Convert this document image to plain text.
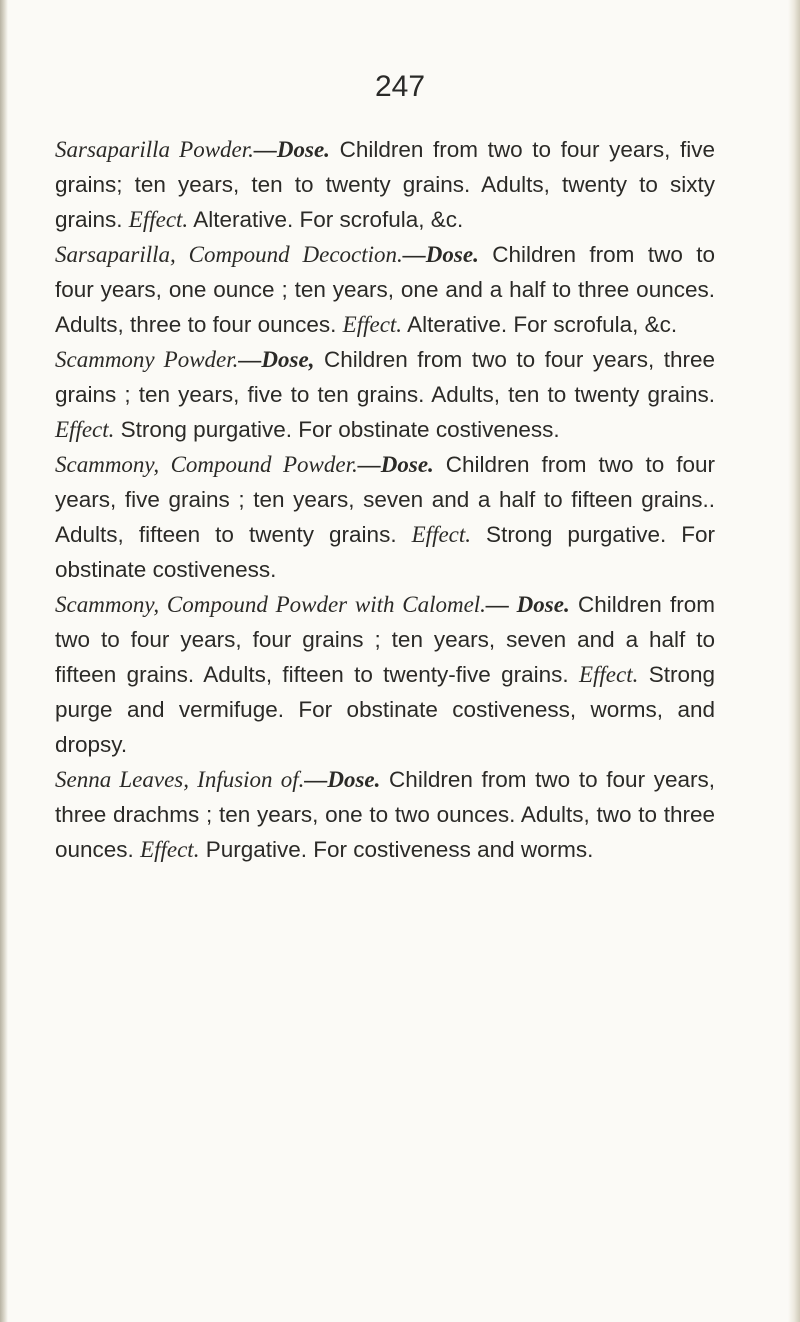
247

Sarsaparilla Powder.—Dose. Children from two to four years, five grains; ten years, ten to twenty grains. Adults, twenty to sixty grains. Effect. Alterative. For scrofula, &c.

Sarsaparilla, Compound Decoction.—Dose. Children from two to four years, one ounce ; ten years, one and a half to three ounces. Adults, three to four ounces. Effect. Alterative. For scrofula, &c.

Scammony Powder.—Dose, Children from two to four years, three grains ; ten years, five to ten grains. Adults, ten to twenty grains. Effect. Strong purgative. For obstinate costiveness.

Scammony, Compound Powder.—Dose. Children from two to four years, five grains ; ten years, seven and a half to fifteen grains.. Adults, fifteen to twenty grains. Effect. Strong purgative. For obstinate costiveness.

Scammony, Compound Powder with Calomel.— Dose. Children from two to four years, four grains ; ten years, seven and a half to fifteen grains. Adults, fifteen to twenty-five grains. Effect. Strong purge and vermifuge. For obstinate costiveness, worms, and dropsy.

Senna Leaves, Infusion of.—Dose. Children from two to four years, three drachms ; ten years, one to two ounces. Adults, two to three ounces. Effect. Purgative. For costiveness and worms.
